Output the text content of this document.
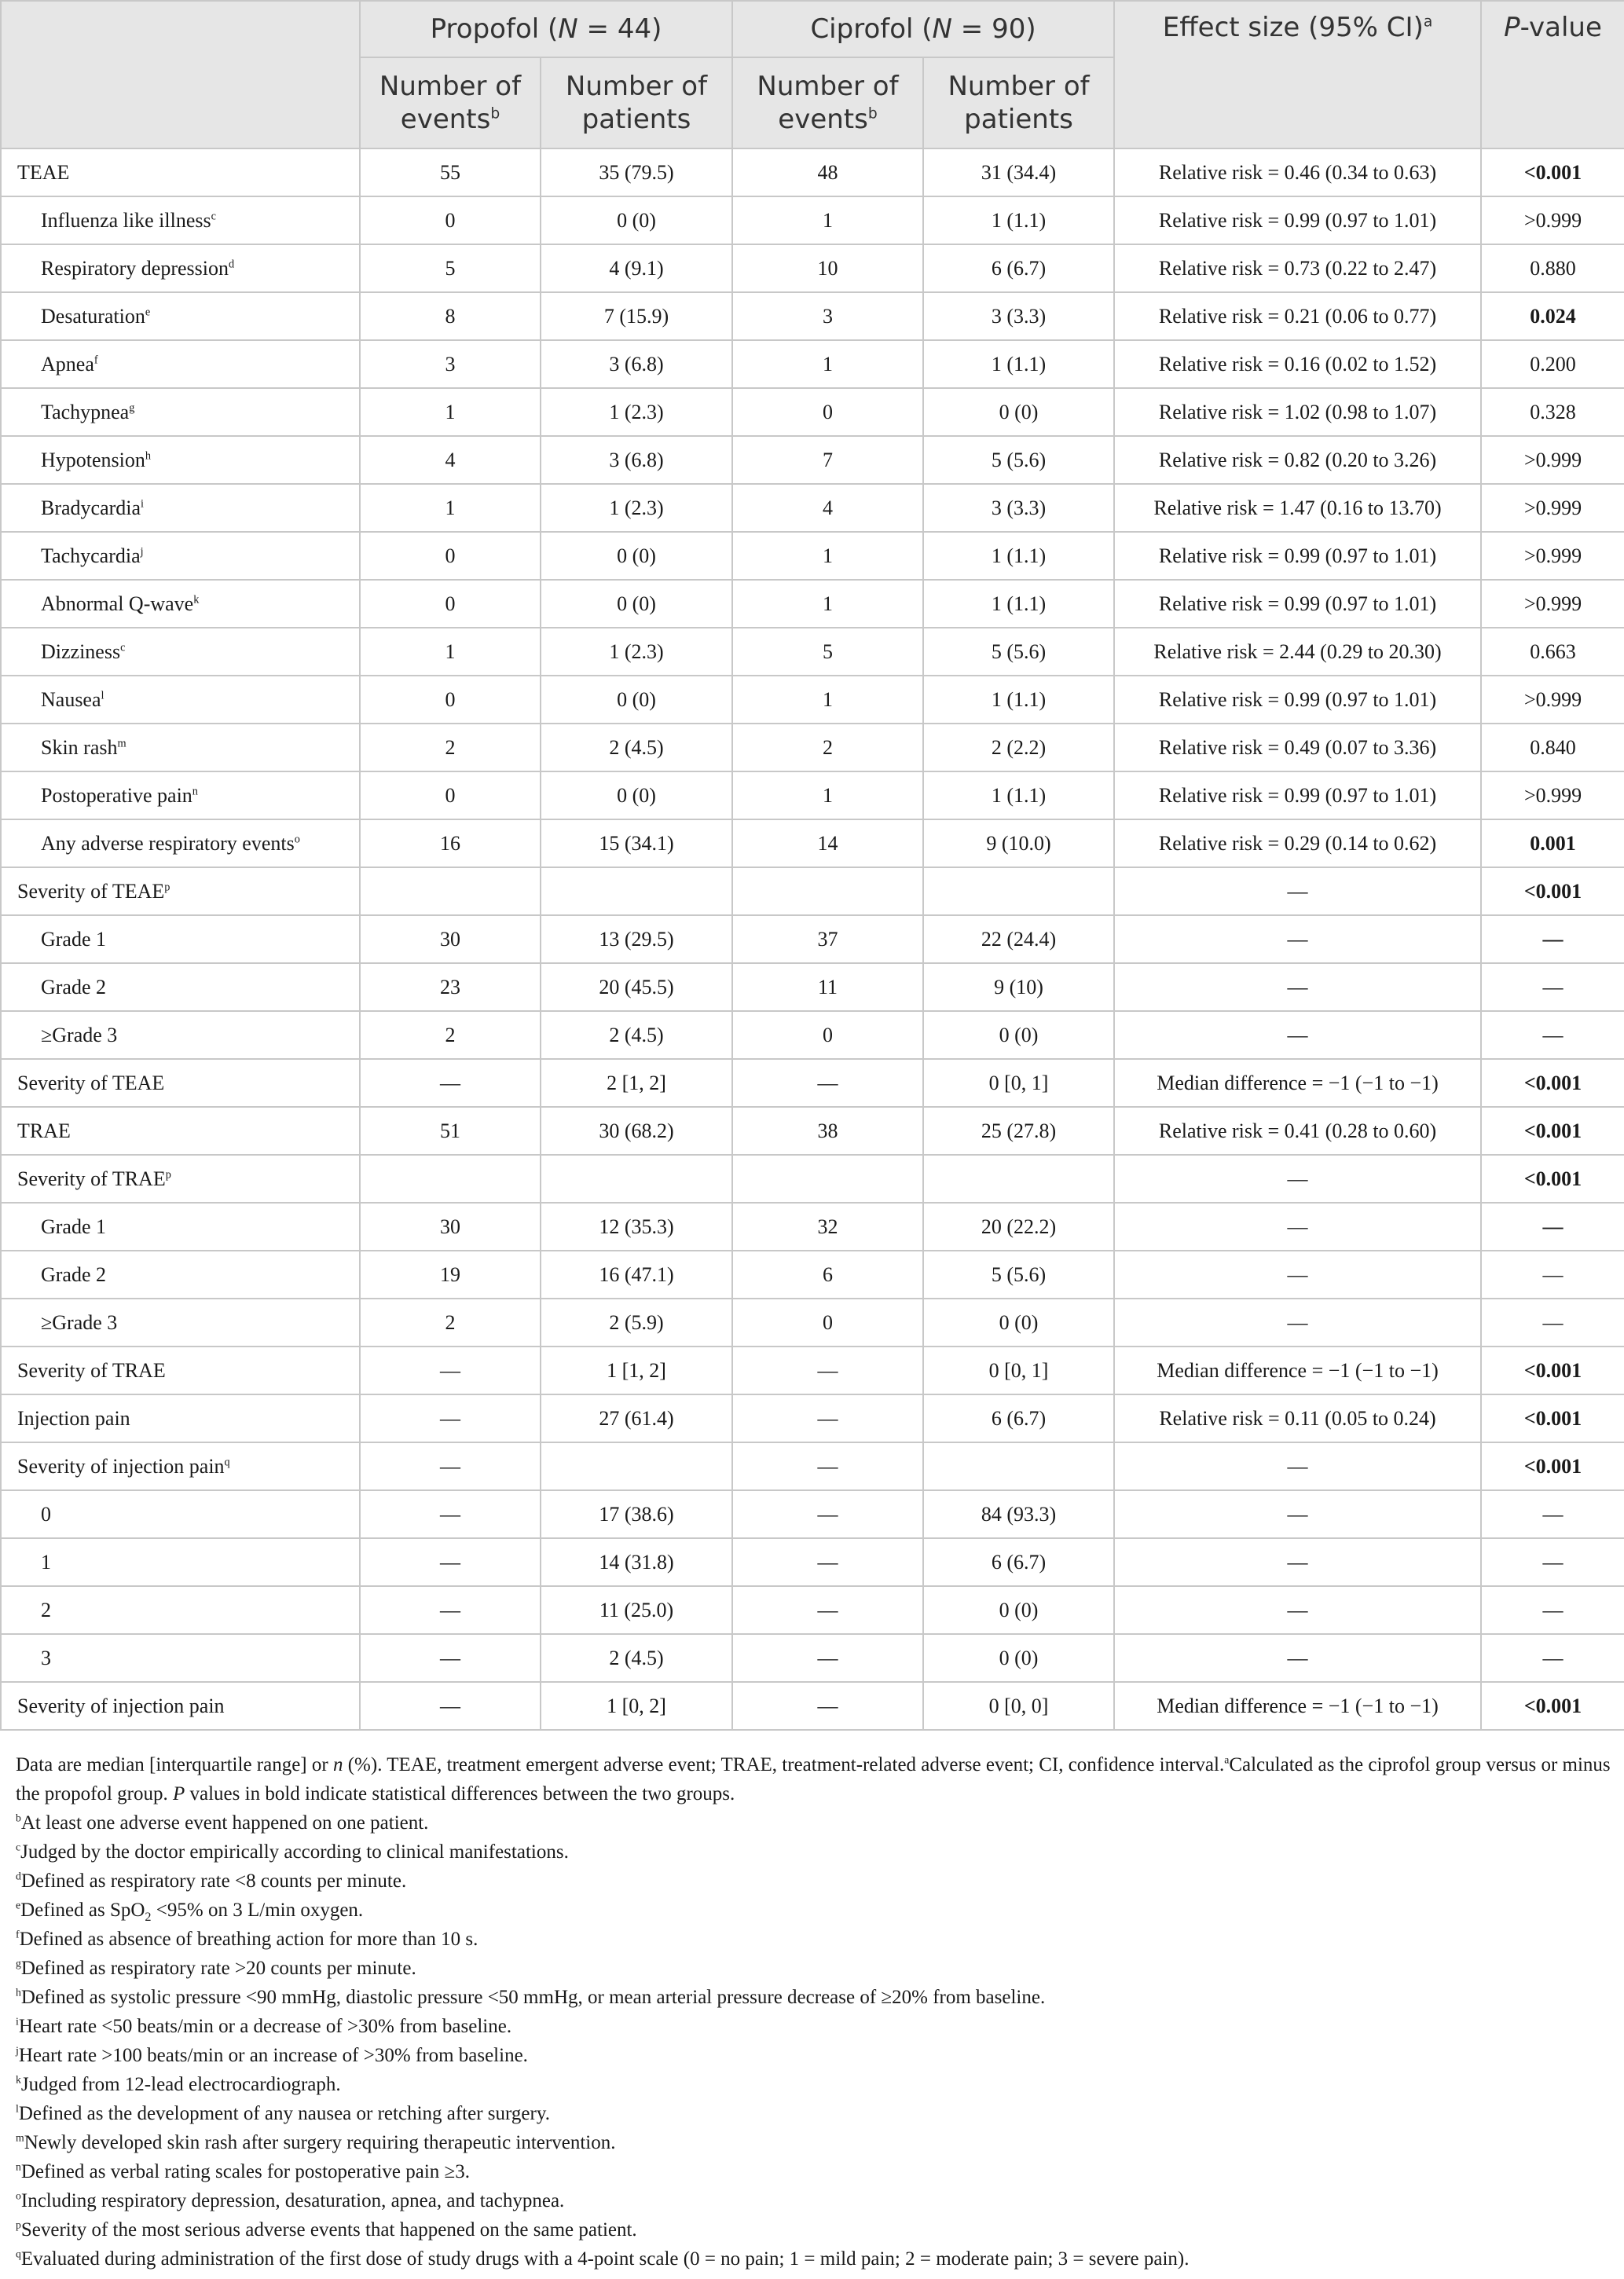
	Propofol (N = 44)		Ciprofol (N = 90)		Effect size (95% CI)$^a$	P-value
	Number of events$^b$	Number of patients	Number of events$^b$	Number of patients		
TEAE	55	35 (79.5)	48	31 (34.4)	Relative risk = 0.46 (0.34 to 0.63)	<0.001
Influenza like illness$^c$	0	0 (0)	1	1 (1.1)	Relative risk = 0.99 (0.97 to 1.01)	>0.999
Respiratory depression$^d$	5	4 (9.1)	10	6 (6.7)	Relative risk = 0.73 (0.22 to 2.47)	0.880
Desaturation$^e$	8	7 (15.9)	3	3 (3.3)	Relative risk = 0.21 (0.06 to 0.77)	0.024
Apnea$^f$	3	3 (6.8)	1	1 (1.1)	Relative risk = 0.16 (0.02 to 1.52)	0.200
Tachypnea$^g$	1	1 (2.3)	0	0 (0)	Relative risk = 1.02 (0.98 to 1.07)	0.328
Hypotension$^h$	4	3 (6.8)	7	5 (5.6)	Relative risk = 0.82 (0.20 to 3.26)	>0.999
Bradycardia$^i$	1	1 (2.3)	4	3 (3.3)	Relative risk = 1.47 (0.16 to 13.70)	>0.999
Tachycardia$^j$	0	0 (0)	1	1 (1.1)	Relative risk = 0.99 (0.97 to 1.01)	>0.999
Abnormal Q-wave$^k$	0	0 (0)	1	1 (1.1)	Relative risk = 0.99 (0.97 to 1.01)	>0.999
Dizziness$^c$	1	1 (2.3)	5	5 (5.6)	Relative risk = 2.44 (0.29 to 20.30)	0.663
Nausea$^l$	0	0 (0)	1	1 (1.1)	Relative risk = 0.99 (0.97 to 1.01)	>0.999
Skin rash$^m$	2	2 (4.5)	2	2 (2.2)	Relative risk = 0.49 (0.07 to 3.36)	0.840
Postoperative pain$^n$	0	0 (0)	1	1 (1.1)	Relative risk = 0.99 (0.97 to 1.01)	>0.999
Any adverse respiratory events$^o$	16	15 (34.1)	14	9 (10.0)	Relative risk = 0.29 (0.14 to 0.62)	0.001
Severity of TEAE$^p$					—	<0.001
Grade 1	30	13 (29.5)	37	22 (24.4)	—	—
Grade 2	23	20 (45.5)	11	9 (10)	—	—
≥Grade 3	2	2 (4.5)	0	0 (0)	—	—
Severity of TEAE	—	2 [1, 2]	—	0 [0, 1]	Median difference = −1 (−1 to −1)	<0.001
TRAE	51	30 (68.2)	38	25 (27.8)	Relative risk = 0.41 (0.28 to 0.60)	<0.001
Severity of TRAE$^p$					—	<0.001
Grade 1	30	12 (35.3)	32	20 (22.2)	—	—
Grade 2	19	16 (47.1)	6	5 (5.6)	—	—
≥Grade 3	2	2 (5.9)	0	0 (0)	—	—
Severity of TRAE	—	1 [1, 2]	—	0 [0, 1]	Median difference = −1 (−1 to −1)	<0.001
Injection pain	—	27 (61.4)	—	6 (6.7)	Relative risk = 0.11 (0.05 to 0.24)	<0.001
Severity of injection pain$^q$	—		—		—	<0.001
0	—	17 (38.6)	—	84 (93.3)	—	—
1	—	14 (31.8)	—	6 (6.7)	—	—
2	—	11 (25.0)	—	0 (0)	—	—
3	—	2 (4.5)	—	0 (0)	—	—
Severity of injection pain	—	1 [0, 2]	—	0 [0, 0]	Median difference = −1 (−1 to −1)	<0.001

Data are median [interquartile range] or n (%). TEAE, treatment emergent adverse event; TRAE, treatment-related adverse event; CI, confidence interval.$^a$Calculated as the ciprofol group versus or minus the propofol group. P values in bold indicate statistical differences between the two groups.

$^b$At least one adverse event happened on one patient.

$^c$Judged by the doctor empirically according to clinical manifestations.

$^d$Defined as respiratory rate <8 counts per minute.

$^e$Defined as SpO$_2$ <95% on 3 L/min oxygen.

$^f$Defined as absence of breathing action for more than 10 s.

$^g$Defined as respiratory rate >20 counts per minute.

$^h$Defined as systolic pressure <90 mmHg, diastolic pressure <50 mmHg, or mean arterial pressure decrease of ≥20% from baseline.

$^i$Heart rate <50 beats/min or a decrease of >30% from baseline.

$^j$Heart rate >100 beats/min or an increase of >30% from baseline.

$^k$Judged from 12-lead electrocardiograph.

$^l$Defined as the development of any nausea or retching after surgery.

$^m$Newly developed skin rash after surgery requiring therapeutic intervention.

$^n$Defined as verbal rating scales for postoperative pain ≥3.

$^o$Including respiratory depression, desaturation, apnea, and tachypnea.

$^p$Severity of the most serious adverse events that happened on the same patient.

$^q$Evaluated during administration of the first dose of study drugs with a 4-point scale (0 = no pain; 1 = mild pain; 2 = moderate pain; 3 = severe pain).
